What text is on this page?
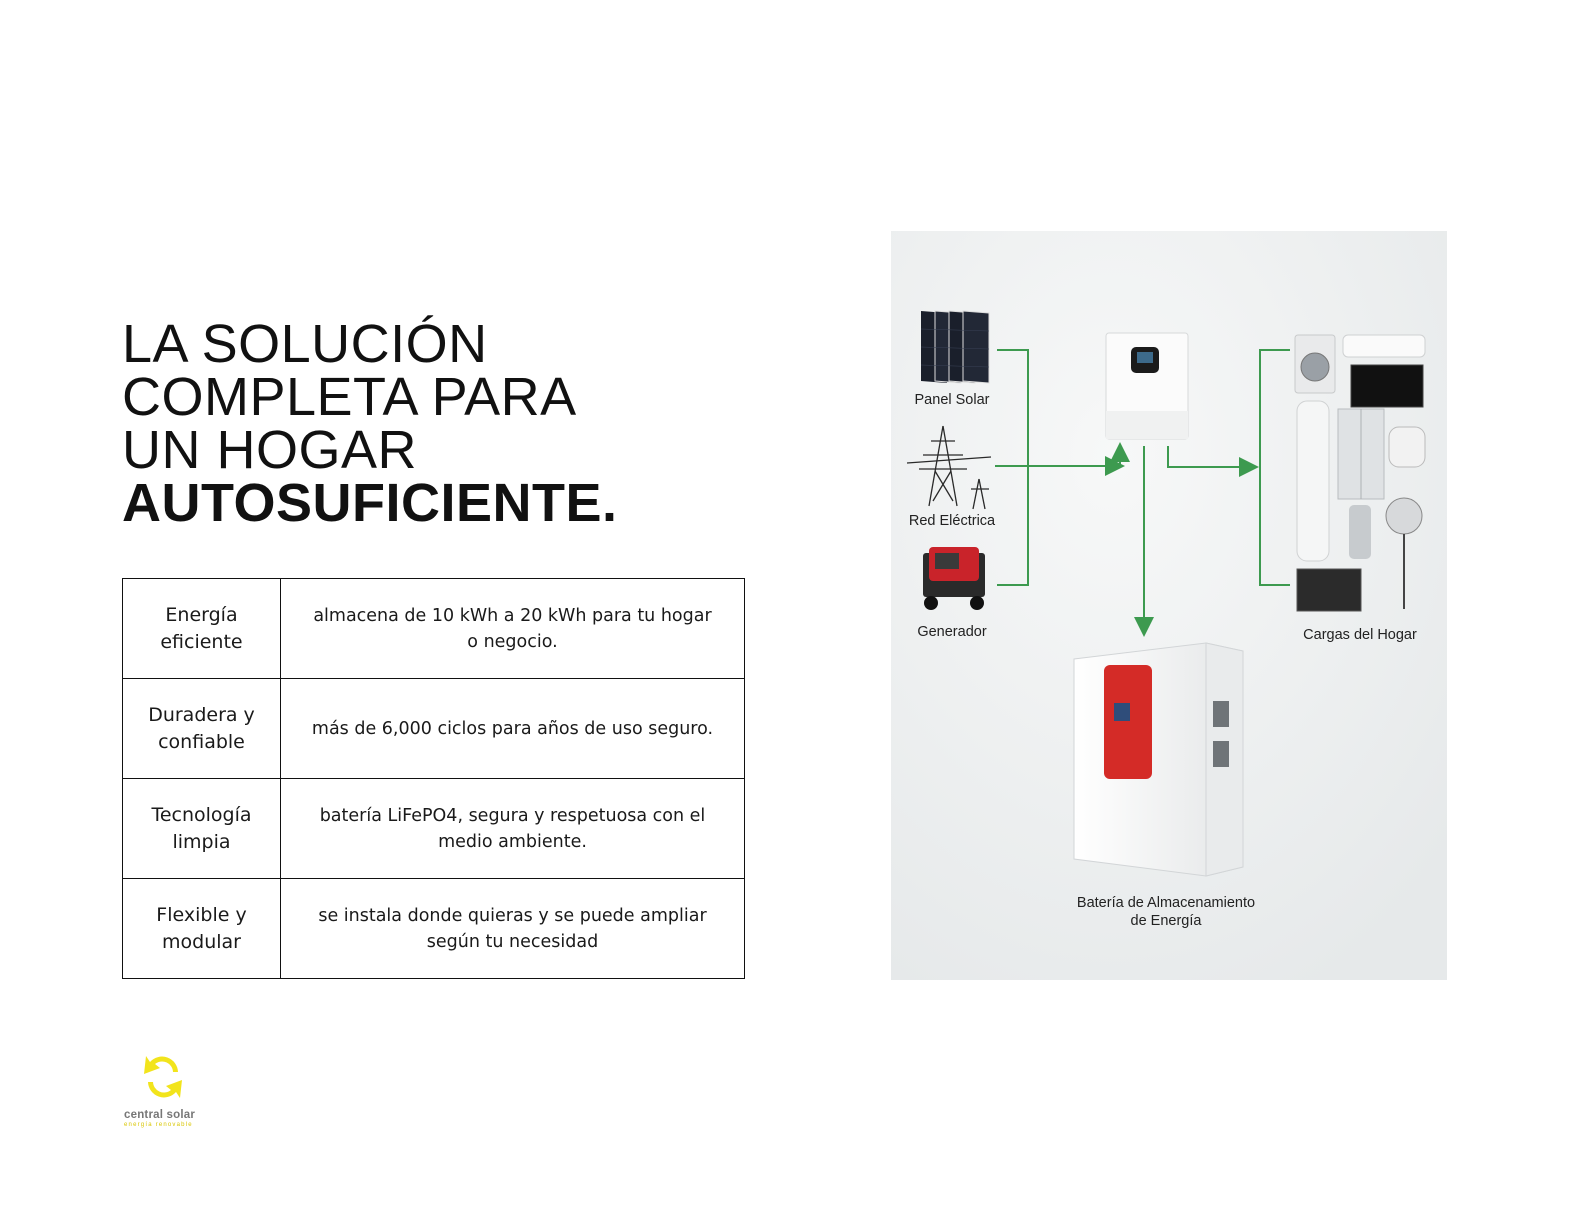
LA SOLUCIÓN
COMPLETA PARA
UN HOGAR
AUTOSUFICIENTE.
Energía eficiente	almacena de 10 kWh a 20 kWh para tu hogar o negocio.
Duradera y confiable	más de 6,000 ciclos para años de uso seguro.
Tecnología limpia	batería LiFePO4, segura y respetuosa con el medio ambiente.
Flexible y modular	se instala donde quieras y se puede ampliar según tu necesidad
central solar
energía renovable
Panel Solar
Red Eléctrica
Generador	Cargas del Hogar
Batería de Almacenamiento
de Energía
